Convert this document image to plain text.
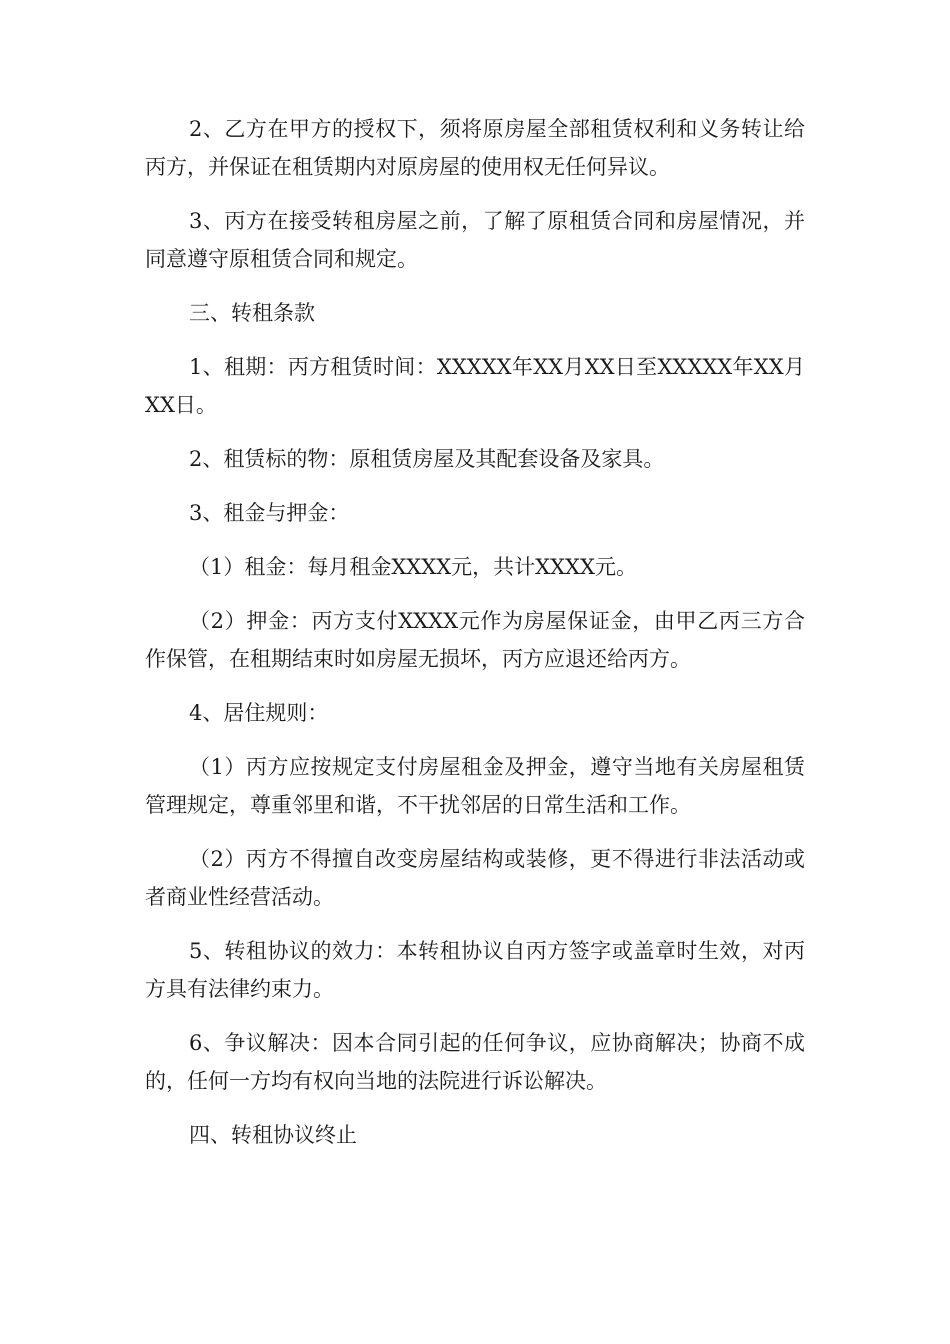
2、乙方在甲方的授权下，须将原房屋全部租赁权利和义务转让给丙方，并保证在租赁期内对原房屋的使用权无任何异议。

3、丙方在接受转租房屋之前，了解了原租赁合同和房屋情况，并同意遵守原租赁合同和规定。

三、转租条款

1、租期：丙方租赁时间：XXXXX年XX月XX日至XXXXX年XX月XX日。

2、租赁标的物：原租赁房屋及其配套设备及家具。

3、租金与押金：

（1）租金：每月租金XXXX元，共计XXXX元。

（2）押金：丙方支付XXXX元作为房屋保证金，由甲乙丙三方合作保管，在租期结束时如房屋无损坏，丙方应退还给丙方。

4、居住规则：

（1）丙方应按规定支付房屋租金及押金，遵守当地有关房屋租赁管理规定，尊重邻里和谐，不干扰邻居的日常生活和工作。

（2）丙方不得擅自改变房屋结构或装修，更不得进行非法活动或者商业性经营活动。

5、转租协议的效力：本转租协议自丙方签字或盖章时生效，对丙方具有法律约束力。

6、争议解决：因本合同引起的任何争议，应协商解决；协商不成的，任何一方均有权向当地的法院进行诉讼解决。

四、转租协议终止
